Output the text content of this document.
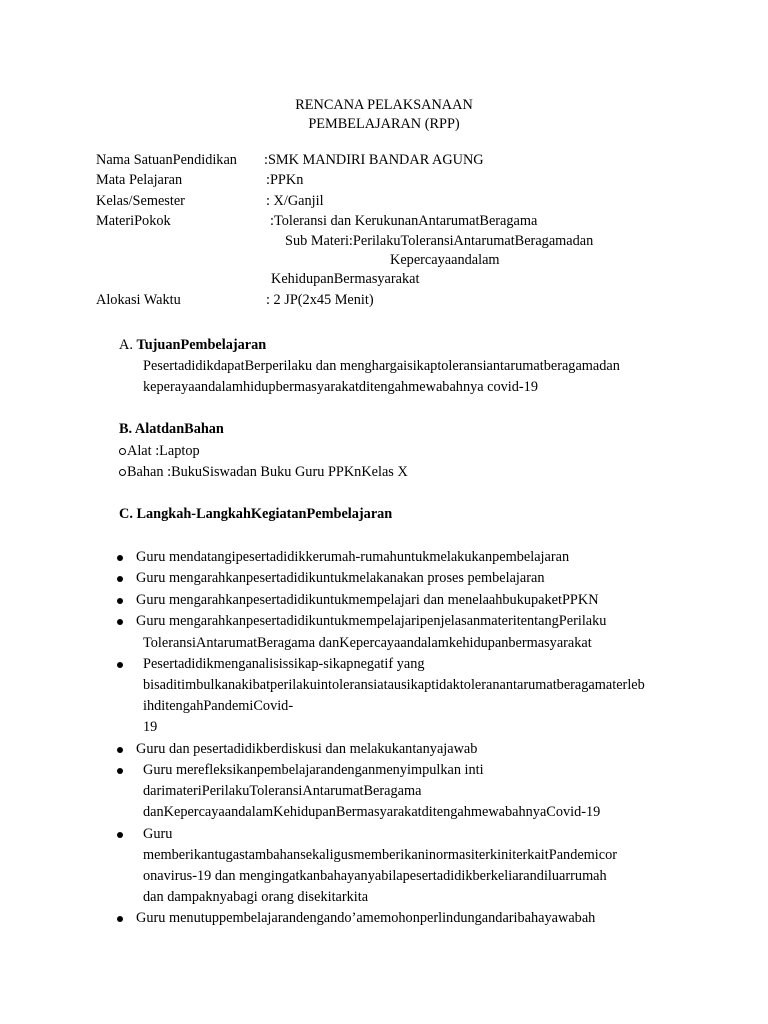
RENCANA PELAKSANAAN
PEMBELAJARAN (RPP)
Nama SatuanPendidikan :SMK MANDIRI BANDAR AGUNG
Mata Pelajaran	:PPKn
Kelas/Semester	: X/Ganjil
MateriPokok	:Toleransi dan KerukunanAntarumatBeragama
Sub Materi:PerilakuToleransiAntarumatBeragamadan
Kepercayaandalam
KehidupanBermasyarakat
Alokasi Waktu	: 2 JP(2x45 Menit)
A. TujuanPembelajaran
PesertadidikdapatBerperilaku dan menghargaisikaptoleransiantarumatberagamadan
keperayaandalamhidupbermasyarakatditengahmewabahnya covid-19
B. AlatdanBahan
Alat :Laptop
Bahan :BukuSiswadan Buku Guru PPKnKelas X
C. Langkah-LangkahKegiatanPembelajaran
Guru mendatangipesertadidikkerumah-rumahuntukmelakukanpembelajaran
Guru mengarahkanpesertadidikuntukmelakanakan proses pembelajaran
Guru mengarahkanpesertadidikuntukmempelajari dan menelaahbukupaketPPKN
Guru mengarahkanpesertadidikuntukmempelajaripenjelasanmateritentangPerilaku
ToleransiAntarumatBeragama danKepercayaandalamkehidupanbermasyarakat
Pesertadidikmenganalisissikap-sikapnegatif yang
bisaditimbulkanakibatperilakuintoleransiatausikaptidaktoleranantarumatberagamaterleb
ihditengahPandemiCovid-
19
Guru dan pesertadidikberdiskusi dan melakukantanyajawab
Guru merefleksikanpembelajarandenganmenyimpulkan inti
darimateriPerilakuToleransiAntarumatBeragama
danKepercayaandalamKehidupanBermasyarakatditengahmewabahnyaCovid-19
Guru
memberikantugastambahansekaligusmemberikaninormasiterkiniterkaitPandemicor
onavirus-19 dan mengingatkanbahayanyabilapesertadidikberkeliarandiluarrumah
dan dampaknyabagi orang disekitarkita
Guru menutuppembelajarandengando’amemohonperlindungandaribahayawabah
